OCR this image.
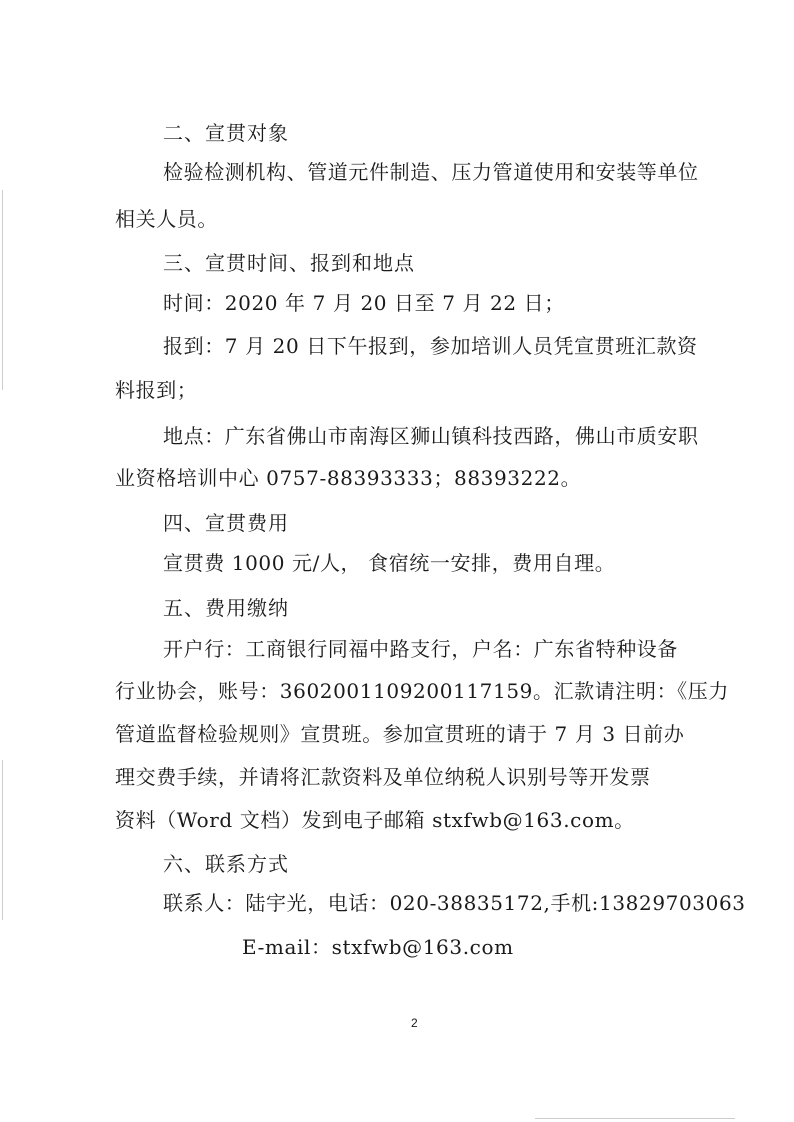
二、宣贯对象
检验检测机构、管道元件制造、压力管道使用和安装等单位
相关人员。
三、宣贯时间、报到和地点
时间：2020 年 7 月 20 日至 7 月 22 日；
报到：7 月 20 日下午报到，参加培训人员凭宣贯班汇款资
料报到；
地点：广东省佛山市南海区狮山镇科技西路，佛山市质安职
业资格培训中心 0757-88393333；88393222。
四、宣贯费用
宣贯费 1000 元/人， 食宿统一安排，费用自理。
五、费用缴纳
开户行：工商银行同福中路支行，户名：广东省特种设备
行业协会，账号：3602001109200117159。汇款请注明：《压力
管道监督检验规则》宣贯班。参加宣贯班的请于 7 月 3 日前办
理交费手续，并请将汇款资料及单位纳税人识别号等开发票
资料（Word 文档）发到电子邮箱 stxfwb@163.com。
六、联系方式
联系人：陆宇光，电话：020-38835172,手机:13829703063
E-mail：stxfwb@163.com
2
